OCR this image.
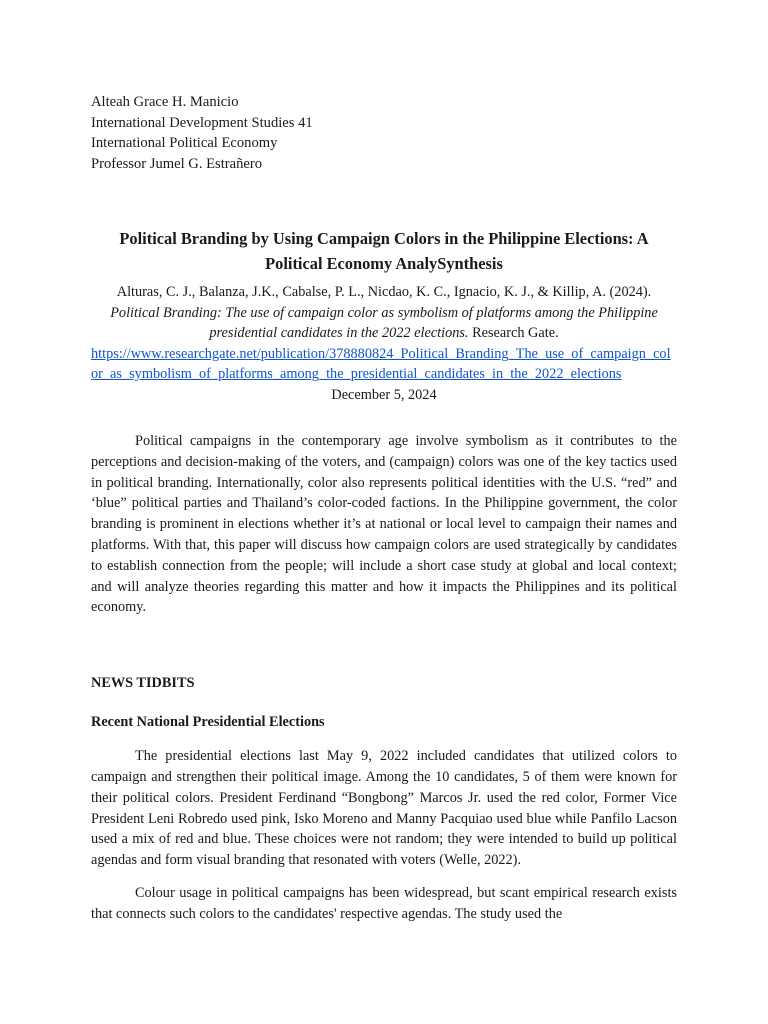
Alteah Grace H. Manicio
International Development Studies 41
International Political Economy
Professor Jumel G. Estrañero
Political Branding by Using Campaign Colors in the Philippine Elections: A Political Economy AnalySynthesis
Alturas, C. J., Balanza, J.K., Cabalse, P. L., Nicdao, K. C., Ignacio, K. J., & Killip, A. (2024). Political Branding: The use of campaign color as symbolism of platforms among the Philippine presidential candidates in the 2022 elections. Research Gate.
https://www.researchgate.net/publication/378880824_Political_Branding_The_use_of_campaign_color_as_symbolism_of_platforms_among_the_presidential_candidates_in_the_2022_elections
December 5, 2024

Political campaigns in the contemporary age involve symbolism as it contributes to the perceptions and decision-making of the voters, and (campaign) colors was one of the key tactics used in political branding. Internationally, color also represents political identities with the U.S. “red” and ‘blue” political parties and Thailand’s color-coded factions. In the Philippine government, the color branding is prominent in elections whether it’s at national or local level to campaign their names and platforms. With that, this paper will discuss how campaign colors are used strategically by candidates to establish connection from the people; will include a short case study at global and local context; and will analyze theories regarding this matter and how it impacts the Philippines and its political economy.

NEWS TIDBITS
Recent National Presidential Elections

The presidential elections last May 9, 2022 included candidates that utilized colors to campaign and strengthen their political image. Among the 10 candidates, 5 of them were known for their political colors. President Ferdinand “Bongbong” Marcos Jr. used the red color, Former Vice President Leni Robredo used pink, Isko Moreno and Manny Pacquiao used blue while Panfilo Lacson used a mix of red and blue. These choices were not random; they were intended to build up political agendas and form visual branding that resonated with voters (Welle, 2022).

Colour usage in political campaigns has been widespread, but scant empirical research exists that connects such colors to the candidates' respective agendas. The study used the
